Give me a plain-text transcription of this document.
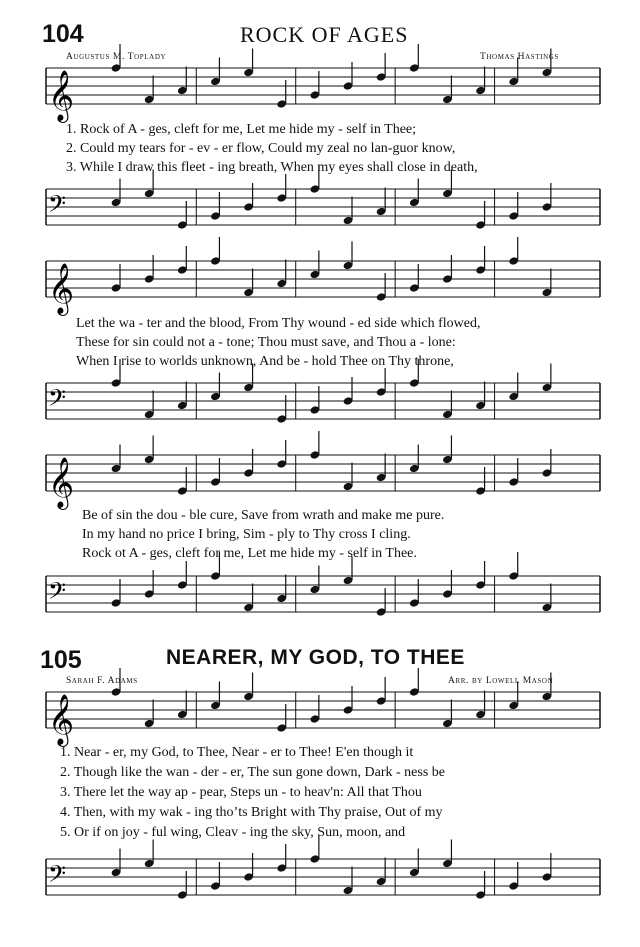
104	ROCK OF AGES
Augustus M. Toplady	Thomas Hastings
𝄞
1. Rock of A - ges, cleft for me, Let me hide my - self in Thee;
2. Could my tears for - ev - er flow, Could my zeal no lan-guor know,
3. While I draw this fleet - ing breath, When my eyes shall close in death,
𝄢
𝄞
Let the wa - ter and the blood, From Thy wound - ed side which flowed,
These for sin could not a - tone; Thou must save, and Thou a - lone:
When I rise to worlds unknown, And be - hold Thee on Thy throne,
𝄢
𝄞
Be of sin the dou - ble cure, Save from wrath and make me pure.
In my hand no price I bring, Sim - ply to Thy cross I cling.
Rock ot A - ges, cleft for me, Let me hide my - self in Thee.
𝄢
105	NEARER, MY GOD, TO THEE
Sarah F. Adams	Arr. by Lowell Mason
𝄞
1. Near - er, my God, to Thee, Near - er to Thee! E'en though it
2. Though like the wan - der - er, The sun gone down, Dark - ness be
3. There let the way ap - pear, Steps un - to heav'n: All that Thou
4. Then, with my wak - ing thoʼts Bright with Thy praise, Out of my
5. Or if on joy - ful wing, Cleav - ing the sky, Sun, moon, and
𝄢
